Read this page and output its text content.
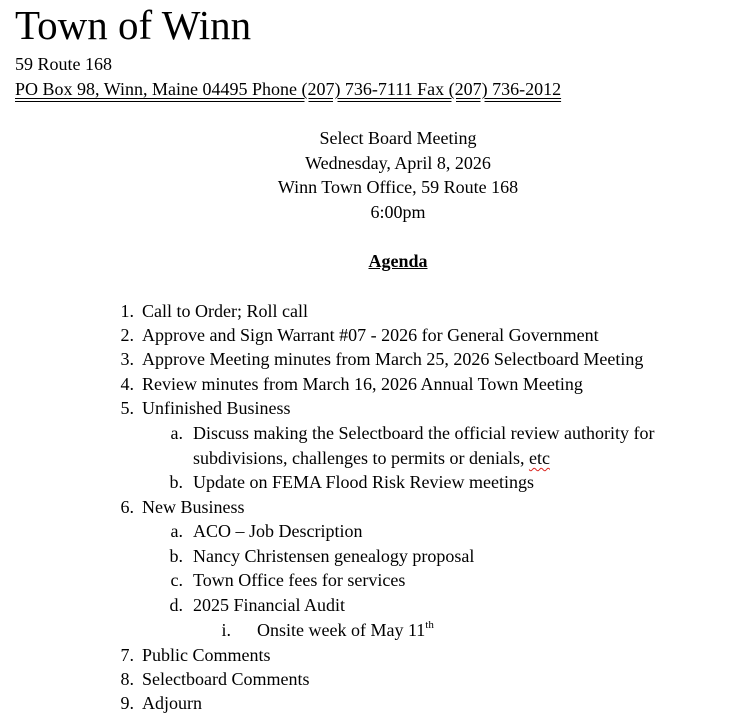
Town of Winn
59 Route 168
PO Box 98, Winn, Maine 04495 Phone (207) 736-7111 Fax (207) 736-2012
Select Board Meeting
Wednesday, April 8, 2026
Winn Town Office, 59 Route 168
6:00pm
Agenda
1. Call to Order; Roll call
2. Approve and Sign Warrant #07 - 2026 for General Government
3. Approve Meeting minutes from March 25, 2026 Selectboard Meeting
4. Review minutes from March 16, 2026 Annual Town Meeting
5. Unfinished Business
a. Discuss making the Selectboard the official review authority for
subdivisions, challenges to permits or denials, etc
b. Update on FEMA Flood Risk Review meetings
6. New Business
a. ACO – Job Description
b. Nancy Christensen genealogy proposal
c. Town Office fees for services
d. 2025 Financial Audit
i. Onsite week of May 11th
7. Public Comments
8. Selectboard Comments
9. Adjourn
